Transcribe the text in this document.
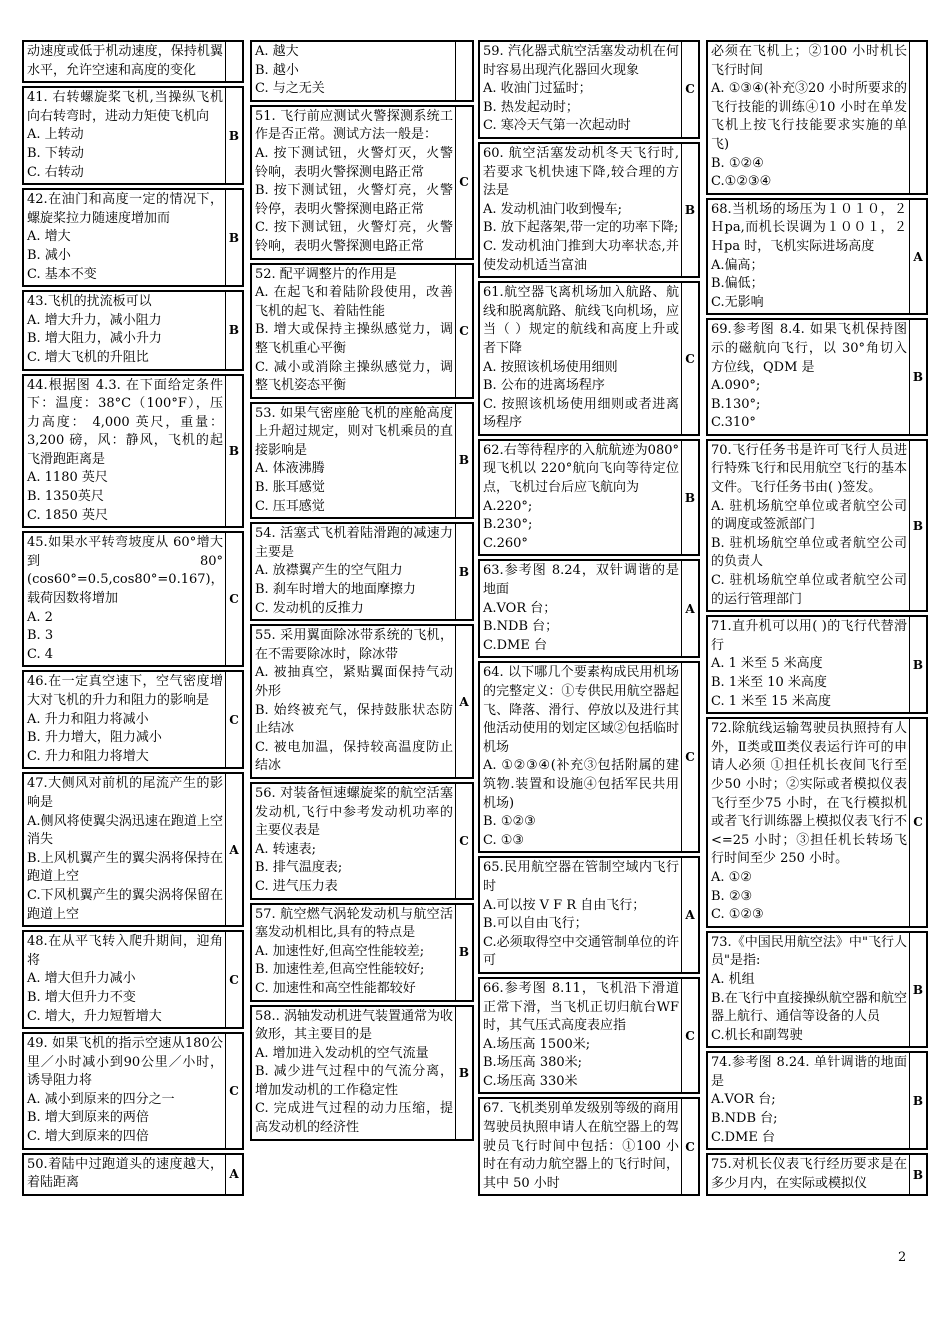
动速度或低于机动速度，保持机翼水平，允许空速和高度的变化
41. 右转螺旋桨飞机,当操纵飞机向右转弯时，进动力矩使飞机向
A. 上转动
B. 下转动
C. 右转动
B
42.在油门和高度一定的情况下，螺旋桨拉力随速度增加而
A. 增大
B. 减小
C. 基本不变
B
43.飞机的扰流板可以
A. 增大升力，减小阻力
B. 增大阻力，减小升力
C. 增大飞机的升阻比
B
44.根据图 4.3. 在下面给定条件下：温度：38°C（100°F），压力高度： 4,000 英尺，重量：3,200 磅，风：静风，飞机的起飞滑跑距离是
A. 1180 英尺
B. 1350英尺
C. 1850 英尺
B
45.如果水平转弯坡度从 60°增大到80°(cos60°=0.5,cos80°=0.167)，载荷因数将增加
A. 2
B. 3
C. 4
C
46.在一定真空速下，空气密度增大对飞机的升力和阻力的影响是
A. 升力和阻力将减小
B. 升力增大，阻力减小
C. 升力和阻力将增大
C
47.大侧风对前机的尾流产生的影响是
A.侧风将使翼尖涡迅速在跑道上空消失
B.上风机翼产生的翼尖涡将保持在跑道上空
C.下风机翼产生的翼尖涡将保留在跑道上空
A
48.在从平飞转入爬升期间，迎角将
A. 增大但升力减小
B. 增大但升力不变
C. 增大，升力短暂增大
C
49. 如果飞机的指示空速从180公里／小时减小到90公里／小时，诱导阻力将
A. 减小到原来的四分之一
B. 增大到原来的两倍
C. 增大到原来的四倍
C
50.着陆中过跑道头的速度越大，着陆距离
A
A. 越大
B. 越小
C. 与之无关
51. 飞行前应测试火警探测系统工作是否正常。测试方法一般是：
A. 按下测试钮，火警灯灭，火警铃响，表明火警探测电路正常
B. 按下测试钮，火警灯亮，火警铃停，表明火警探测电路正常
C. 按下测试钮，火警灯亮，火警铃响，表明火警探测电路正常
C
52. 配平调整片的作用是
A. 在起飞和着陆阶段使用，改善飞机的起飞、着陆性能
B. 增大或保持主操纵感觉力，调整飞机重心平衡
C. 减小或消除主操纵感觉力，调整飞机姿态平衡
C
53. 如果气密座舱飞机的座舱高度上升超过规定，则对飞机乘员的直接影响是
A. 体液沸腾
B. 胀耳感觉
C. 压耳感觉
B
54. 活塞式飞机着陆滑跑的减速力主要是
A. 放襟翼产生的空气阻力
B. 刹车时增大的地面摩擦力
C. 发动机的反推力
B
55. 采用翼面除冰带系统的飞机，在不需要除冰时，除冰带
A. 被抽真空，紧贴翼面保持气动外形
B. 始终被充气，保持鼓胀状态防止结冰
C. 被电加温，保持较高温度防止结冰
A
56. 对装备恒速螺旋桨的航空活塞发动机,飞行中参考发动机功率的主要仪表是
A. 转速表;
B. 排气温度表;
C. 进气压力表
C
57. 航空燃气涡轮发动机与航空活塞发动机相比,具有的特点是
A. 加速性好,但高空性能较差;
B. 加速性差,但高空性能较好;
C. 加速性和高空性能都较好
B
58.. 涡轴发动机进气装置通常为收敛形，其主要目的是
A. 增加进入发动机的空气流量
B. 减少进气过程中的气流分离，增加发动机的工作稳定性
C. 完成进气过程的动力压缩，提高发动机的经济性
B
59. 汽化器式航空活塞发动机在何时容易出现汽化器回火现象
A. 收油门过猛时；
B. 热发起动时；
C. 寒冷天气第一次起动时
C
60. 航空活塞发动机冬天飞行时,若要求飞机快速下降,较合理的方法是
A. 发动机油门收到慢车;
B. 放下起落架,带一定的功率下降;
C. 发动机油门推到大功率状态,并使发动机适当富油
B
61.航空器飞离机场加入航路、航线和脱离航路、航线飞向机场，应当（ ）规定的航线和高度上升或者下降
A. 按照该机场使用细则
B. 公布的进离场程序
C. 按照该机场使用细则或者进离场程序
C
62.右等待程序的入航航迹为080°现飞机以 220°航向飞向等待定位点，飞机过台后应飞航向为
A.220°;
B.230°;
C.260°
B
63.参考图 8.24，双针调谐的是地面
A.VOR 台；
B.NDB 台；
C.DME 台
A
64. 以下哪几个要素构成民用机场的完整定义：①专供民用航空器起飞、降落、滑行、停放以及进行其他活动使用的划定区域②包括临时机场
A. ①②③④(补充③包括附属的建筑物.装置和设施④包括军民共用机场)
B. ①②③
C. ①③
C
65.民用航空器在管制空域内飞行时
A.可以按 V F R 自由飞行；
B.可以自由飞行；
C.必须取得空中交通管制单位的许可
A
66.参考图 8.11，飞机沿下滑道正常下滑，当飞机正切归航台WF时，其气压式高度表应指
A.场压高 1500米;
B.场压高 380米;
C.场压高 330米
C
67. 飞机类别单发级别等级的商用驾驶员执照申请人在航空器上的驾驶员飞行时间中包括：①100 小时在有动力航空器上的飞行时间，其中 50 小时
C
必须在飞机上；②100 小时机长飞行时间
A. ①③④(补充③20 小时所要求的飞行技能的训练④10 小时在单发飞机上按飞行技能要求实施的单飞)
B. ①②④
C.①②③④
68.当机场的场压为１０１０，２Ｈpa,而机长误调为１００１，２Ｈpa 时，飞机实际进场高度
A.偏高；
B.偏低；
C.无影响
A
69.参考图 8.4. 如果飞机保持图示的磁航向飞行，以 30°角切入方位线，QDM 是
A.090°;
B.130°;
C.310°
B
70.飞行任务书是许可飞行人员进行特殊飞行和民用航空飞行的基本文件。飞行任务书由( )签发。
A. 驻机场航空单位或者航空公司的调度或签派部门
B. 驻机场航空单位或者航空公司的负责人
C. 驻机场航空单位或者航空公司的运行管理部门
B
71.直升机可以用( )的飞行代替滑行
A. 1 米至 5 米高度
B. 1米至 10 米高度
C. 1 米至 15 米高度
B
72.除航线运输驾驶员执照持有人外，Ⅱ类或Ⅲ类仪表运行许可的申请人必须 ①担任机长夜间飞行至少50 小时；②实际或者模拟仪表飞行至少75 小时，在飞行模拟机或者飞行训练器上模拟仪表飞行不<=25 小时；③担任机长转场飞行时间至少 250 小时。
A. ①②
B. ②③
C. ①②③
C
73.《中国民用航空法》中"飞行人员"是指:
A. 机组
B.在飞行中直接操纵航空器和航空器上航行、通信等设备的人员
C.机长和副驾驶
B
74.参考图 8.24. 单针调谐的地面是
A.VOR 台;
B.NDB 台;
C.DME 台
B
75.对机长仪表飞行经历要求是在多少月内，在实际或模拟仪
B
2
